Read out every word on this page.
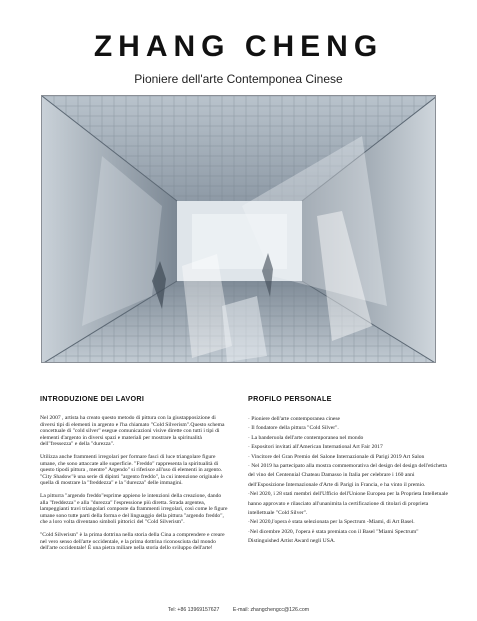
ZHANG CHENG
Pioniere dell'arte Contemponea Cinese
INTRODUZIONE DEI LAVORI

Nel 2007 , artista ha creato questo metodo di pittura con la giustapposizione di diversi tipi di elementi in argento e l'ha chiamato "Cold Silverism".Questo schema concettuale di "cold silver" esegue comunicazioni visive dirette con tutti i tipi di elementi d'argento in diversi spazi e materiali per mostrare la spiritualità dell"fressezza" e della "durezza".

Utilizza anche frammenti irregolari per formare fasci di luce triangolare figure umane, che sono attaccate alle superficie. "Freddo" rappresenta la spiritualità di questo tipodi pittura , mentre" Argendo" si riferisce all'uso di elementi in argento. "City Shadow"è una serie di dipinti "argento freddo", la cui intenzione originale è quella di mostrare la "freddezza" e la "durezza" delle immagini.

La pitturra "argendo freddo"esprime appieno le intenzioni della creazione, dando alla "freddezza" e alla "durezza" l'espressione più diretta. Strada argentea, lampeggianti travi triangolari composte da frammenti irregolari, così come le figure umane sono tutte parti della forma e del linguaggio della pittura "argendo freddo", che a loro volta diventano simboli pittorici del "Cold Silverism".

"Cold Silverism" è la prima dottrina nella storia della Cina a comprendere e creare nel vero senso dell'arte occidentale, e la prima dottrina riconosciuta dal mondo dell'arte occidentale! È una pietra miliare nella storia dello sviluppo dell'arte!

PROFILO PERSONALE

· Pioniere dell'arte contemporanea cinese

· Il fondatore della pittura "Cold Silver".

· La banderuola dell'arte contemporanea nel mondo

· Espositori invitati all'American International Art Fair 2017

· Vincitore del Gran Premio del Salone Internazionale di Parigi 2019 Art Salon

· Nel 2019 ha partecipato alla mostra commemorativa del design del design dell'etichetta del vino del Centennial Chateau Damasso in Italia per celebrare i 160 anni dell'Esposizione Internazionale d'Arte di Parigi in Francia, e ha vinto il premio.

·Nel 2020, i 28 stati membri dell'Ufficio dell'Unione Europea per la Proprieta Intelletuale hanno approvato e rilasciato all'unanimita la certificazione di titolari di proprieta intellettuale "Cold Silver".

·Nel 2020,l'opera è stata selezionata per la Spectrum -Miami, di Art Basel.

·Nel dicembre 2020, l'opera è stata premiata con il Basel "Miami Spectrum" Distinguished Artist Award negli USA.

Tel: +86 13969157627	E-mail: zhangchengcc@126.com
